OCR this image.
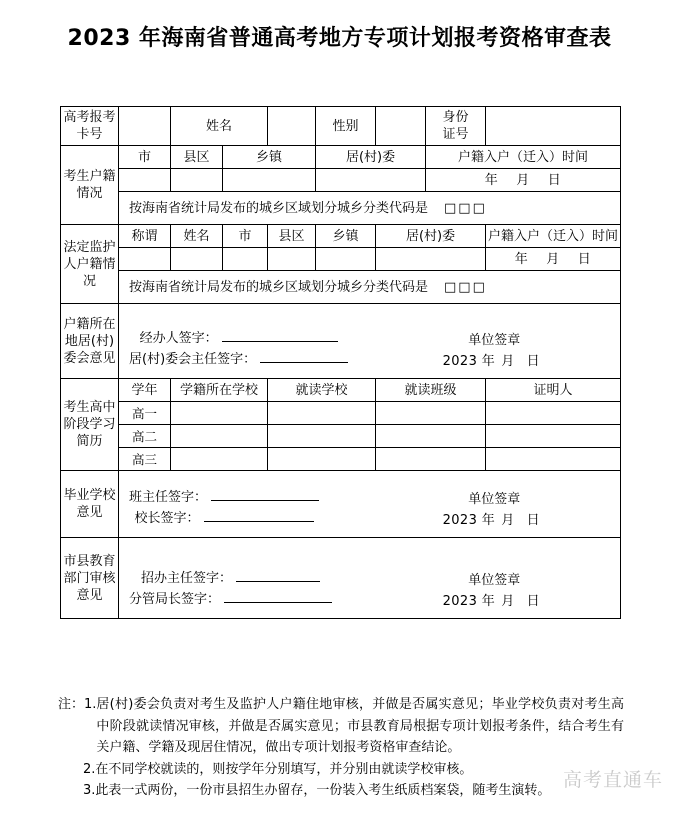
2023 年海南省普通高考地方专项计划报考资格审查表
高考报考卡号		姓名			性别		身份
证号	

考生户籍情况	市	县区	乡镇		居(村)委		户籍入户（迁入）时间	
							年 月 日	
	按海南省统计局发布的城乡区域划分城乡分类代码是 □□□							
法定监护人户籍情况	称谓	姓名	市	县区	乡镇	居(村)委		户籍入户（迁入）时间
								年 月 日
	按海南省统计局发布的城乡区域划分城乡分类代码是 □□□							
户籍所在地居(村)委会意见	经办人签字：
居(村)委会主任签字：
单位签章
2023 年 月 日							

考生高中阶段学习简历	学年	学籍所在学校		就读学校		就读班级		证明人
	高一							
	高二							
	高三							
毕业学校意见	班主任签字：
校长签字：
单位签章
2023 年 月 日							

市县教育部门审核意见	招办主任签字：
分管局长签字：
单位签章
2023 年 月 日							
注： 1. 居(村)委会负责对考生及监护人户籍住地审核，并做是否属实意见；毕业学校负责对考生高中阶段就读情况审核，并做是否属实意见；市县教育局根据专项计划报考条件，结合考生有关户籍、学籍及现居住情况，做出专项计划报考资格审查结论。
2. 在不同学校就读的，则按学年分别填写，并分别由就读学校审核。
3. 此表一式两份，一份市县招生办留存，一份装入考生纸质档案袋，随考生演转。 高考直通车
